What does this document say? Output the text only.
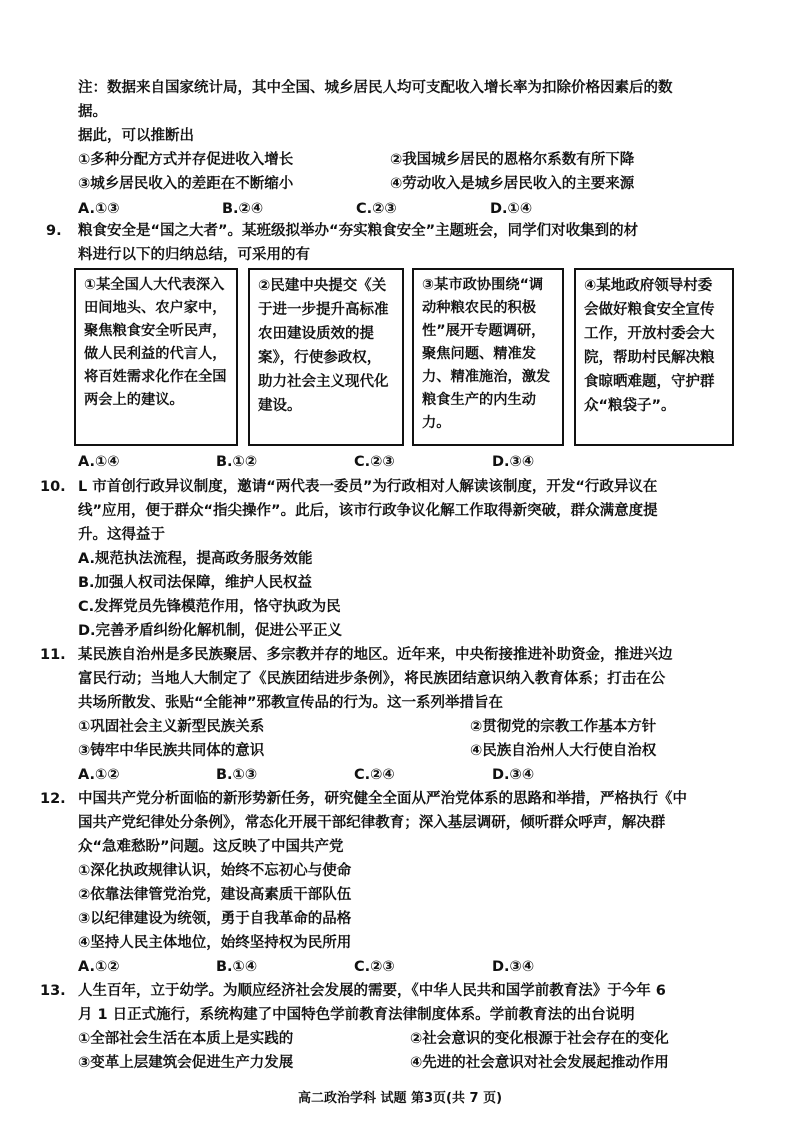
注：数据来自国家统计局，其中全国、城乡居民人均可支配收入增长率为扣除价格因素后的数
据。
据此，可以推断出
①多种分配方式并存促进收入增长	②我国城乡居民的恩格尔系数有所下降
③城乡居民收入的差距在不断缩小	④劳动收入是城乡居民收入的主要来源
A.①③	B.②④	C.②③	D.①④
9. 粮食安全是“国之大者”。某班级拟举办“夯实粮食安全”主题班会，同学们对收集到的材
料进行以下的归纳总结，可采用的有
①某全国人大代表深入田间地头、农户家中，聚焦粮食安全听民声，做人民利益的代言人，将百姓需求化作在全国两会上的建议。
②民建中央提交《关于进一步提升高标准农田建设质效的提案》，行使参政权，助力社会主义现代化建设。
③某市政协围绕“调动种粮农民的积极性”展开专题调研，聚焦问题、精准发力、精准施治，激发粮食生产的内生动力。
④某地政府领导村委会做好粮食安全宣传工作，开放村委会大院，帮助村民解决粮食晾晒难题，守护群众“粮袋子”。
A.①④	B.①②	C.②③	D.③④
10. L 市首创行政异议制度，邀请“两代表一委员”为行政相对人解读该制度，开发“行政异议在
线”应用，便于群众“指尖操作”。此后，该市行政争议化解工作取得新突破，群众满意度提
升。这得益于
A.规范执法流程，提高政务服务效能
B.加强人权司法保障，维护人民权益
C.发挥党员先锋模范作用，恪守执政为民
D.完善矛盾纠纷化解机制，促进公平正义
11. 某民族自治州是多民族聚居、多宗教并存的地区。近年来，中央衔接推进补助资金，推进兴边
富民行动；当地人大制定了《民族团结进步条例》，将民族团结意识纳入教育体系；打击在公
共场所散发、张贴“全能神”邪教宣传品的行为。这一系列举措旨在
①巩固社会主义新型民族关系	②贯彻党的宗教工作基本方针
③铸牢中华民族共同体的意识	④民族自治州人大行使自治权
A.①②	B.①③	C.②④	D.③④
12. 中国共产党分析面临的新形势新任务，研究健全全面从严治党体系的思路和举措，严格执行《中
国共产党纪律处分条例》，常态化开展干部纪律教育；深入基层调研，倾听群众呼声，解决群
众“急难愁盼”问题。这反映了中国共产党
①深化执政规律认识，始终不忘初心与使命
②依靠法律管党治党，建设高素质干部队伍
③以纪律建设为统领，勇于自我革命的品格
④坚持人民主体地位，始终坚持权为民所用
A.①②	B.①④	C.②③	D.③④
13. 人生百年，立于幼学。为顺应经济社会发展的需要，《中华人民共和国学前教育法》于今年 6
月 1 日正式施行，系统构建了中国特色学前教育法律制度体系。学前教育法的出台说明
①全部社会生活在本质上是实践的	②社会意识的变化根源于社会存在的变化
③变革上层建筑会促进生产力发展	④先进的社会意识对社会发展起推动作用
高二政治学科 试题 第3页(共 7 页)
